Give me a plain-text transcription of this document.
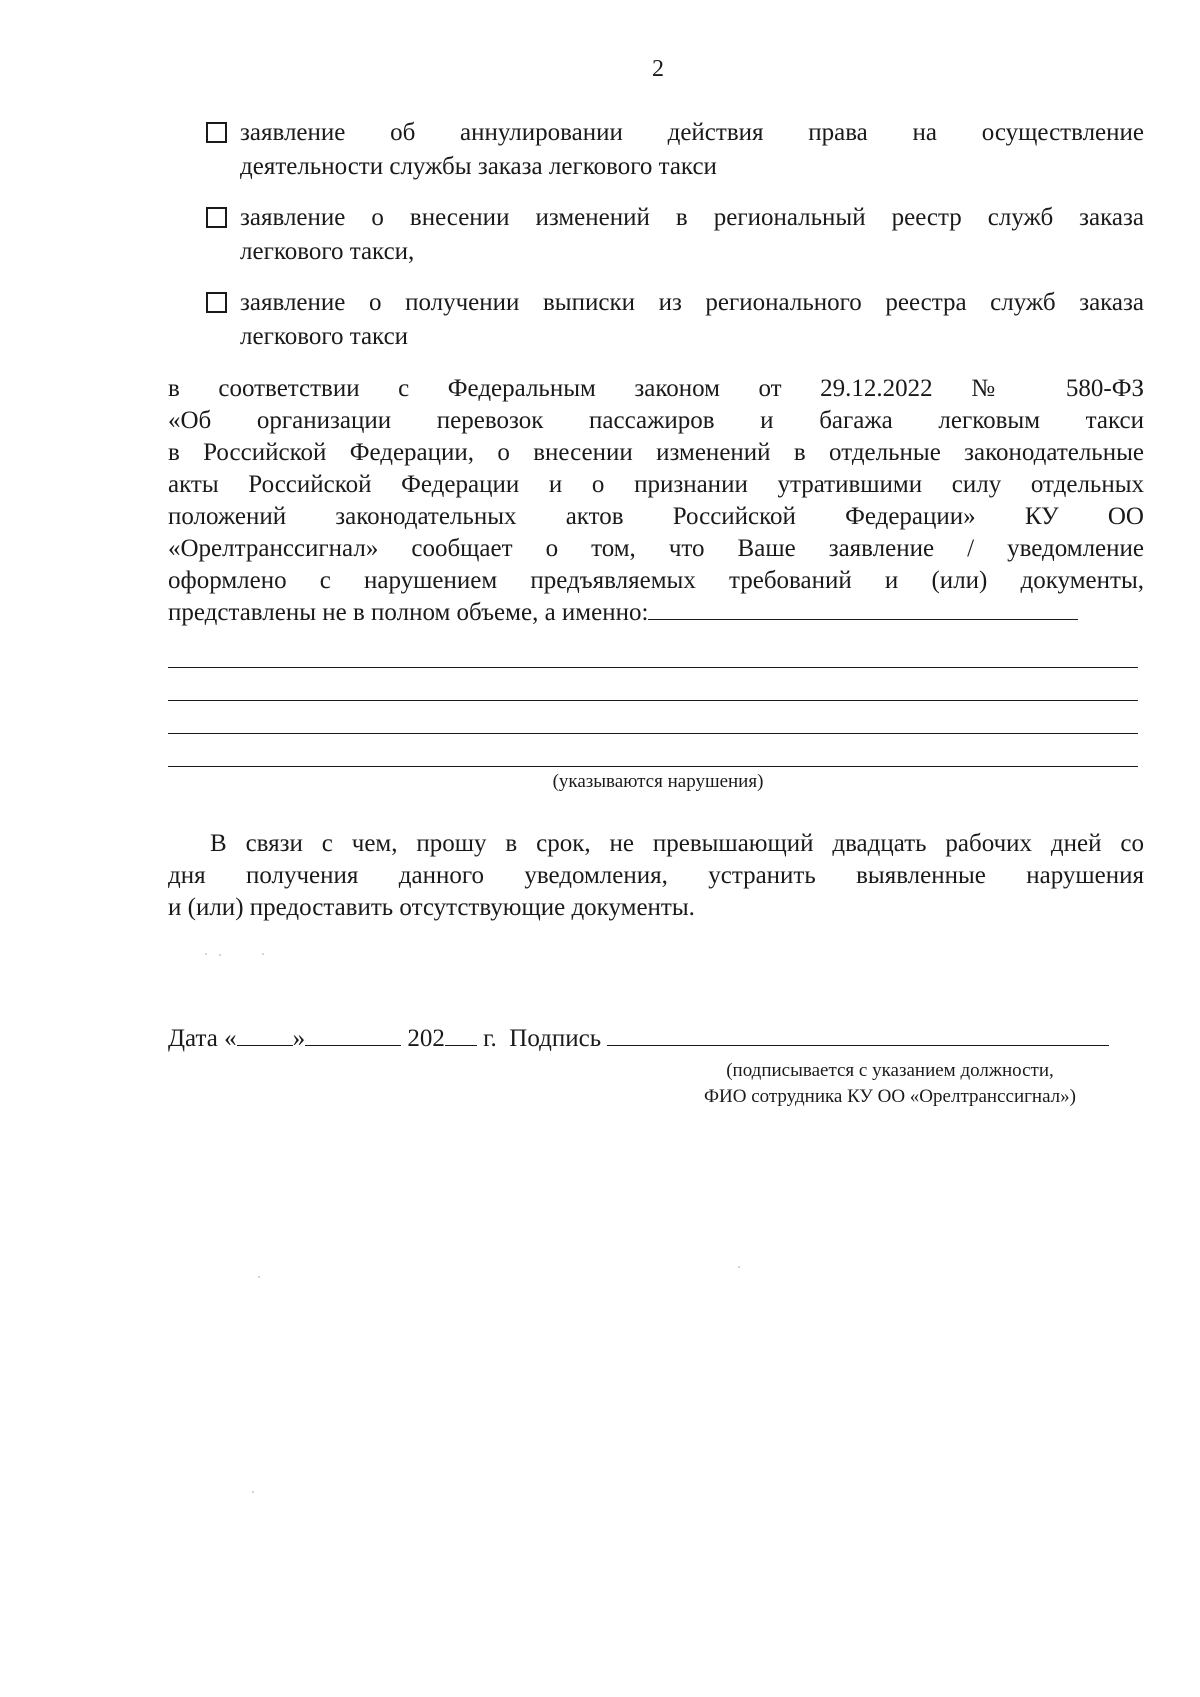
2
заявление об аннулировании действия права на осуществление
деятельности службы заказа легкового такси
заявление о внесении изменений в региональный реестр служб заказа
легкового такси,
заявление о получении выписки из регионального реестра служб заказа
легкового такси
в соответствии с Федеральным законом от 29.12.2022 № 580-ФЗ
«Об организации перевозок пассажиров и багажа легковым такси
в Российской Федерации, о внесении изменений в отдельные законодательные
акты Российской Федерации и о признании утратившими силу отдельных
положений законодательных актов Российской Федерации» КУ ОО
«Орелтранссигнал» сообщает о том, что Ваше заявление / уведомление
оформлено с нарушением предъявляемых требований и (или) документы,
представлены не в полном объеме, а именно:
(указываются нарушения)
В связи с чем, прошу в срок, не превышающий двадцать рабочих дней со
дня получения данного уведомления, устранить выявленные нарушения
и (или) предоставить отсутствующие документы.
Дата « »	202 г. Подпись
(подписывается с указанием должности,
ФИО сотрудника КУ ОО «Орелтранссигнал»)
